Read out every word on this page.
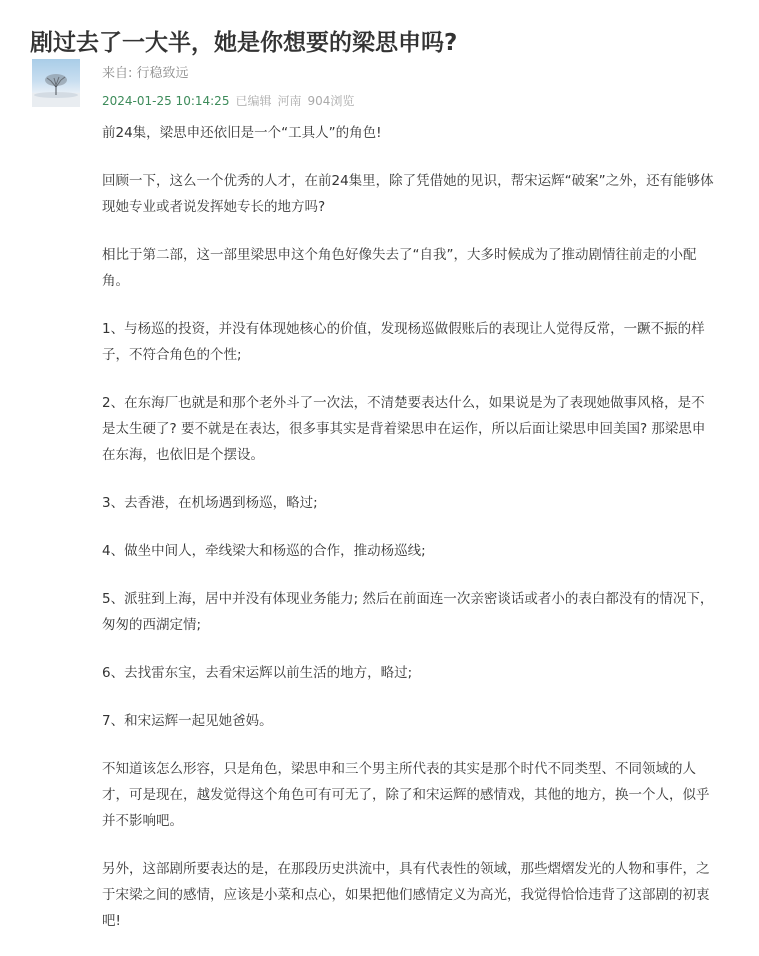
剧过去了一大半，她是你想要的梁思申吗?
来自: 行稳致远
2024-01-25 10:14:25 已编辑 河南 904浏览

前24集，梁思申还依旧是一个“工具人”的角色!

回顾一下，这么一个优秀的人才，在前24集里，除了凭借她的见识，帮宋运辉“破案”之外，还有能够体现她专业或者说发挥她专长的地方吗?

相比于第二部，这一部里梁思申这个角色好像失去了“自我”，大多时候成为了推动剧情往前走的小配角。

1、与杨巡的投资，并没有体现她核心的价值，发现杨巡做假账后的表现让人觉得反常，一蹶不振的样子，不符合角色的个性;

2、在东海厂也就是和那个老外斗了一次法，不清楚要表达什么，如果说是为了表现她做事风格，是不是太生硬了? 要不就是在表达，很多事其实是背着梁思申在运作，所以后面让梁思申回美国? 那梁思申在东海，也依旧是个摆设。

3、去香港，在机场遇到杨巡，略过;

4、做坐中间人，牵线梁大和杨巡的合作，推动杨巡线;

5、派驻到上海，居中并没有体现业务能力; 然后在前面连一次亲密谈话或者小的表白都没有的情况下，匆匆的西湖定情;

6、去找雷东宝，去看宋运辉以前生活的地方，略过;

7、和宋运辉一起见她爸妈。

不知道该怎么形容，只是角色，梁思申和三个男主所代表的其实是那个时代不同类型、不同领域的人才，可是现在，越发觉得这个角色可有可无了，除了和宋运辉的感情戏，其他的地方，换一个人，似乎并不影响吧。

另外，这部剧所要表达的是，在那段历史洪流中，具有代表性的领域，那些熠熠发光的人物和事件，之于宋梁之间的感情，应该是小菜和点心，如果把他们感情定义为高光，我觉得恰恰违背了这部剧的初衷吧!
